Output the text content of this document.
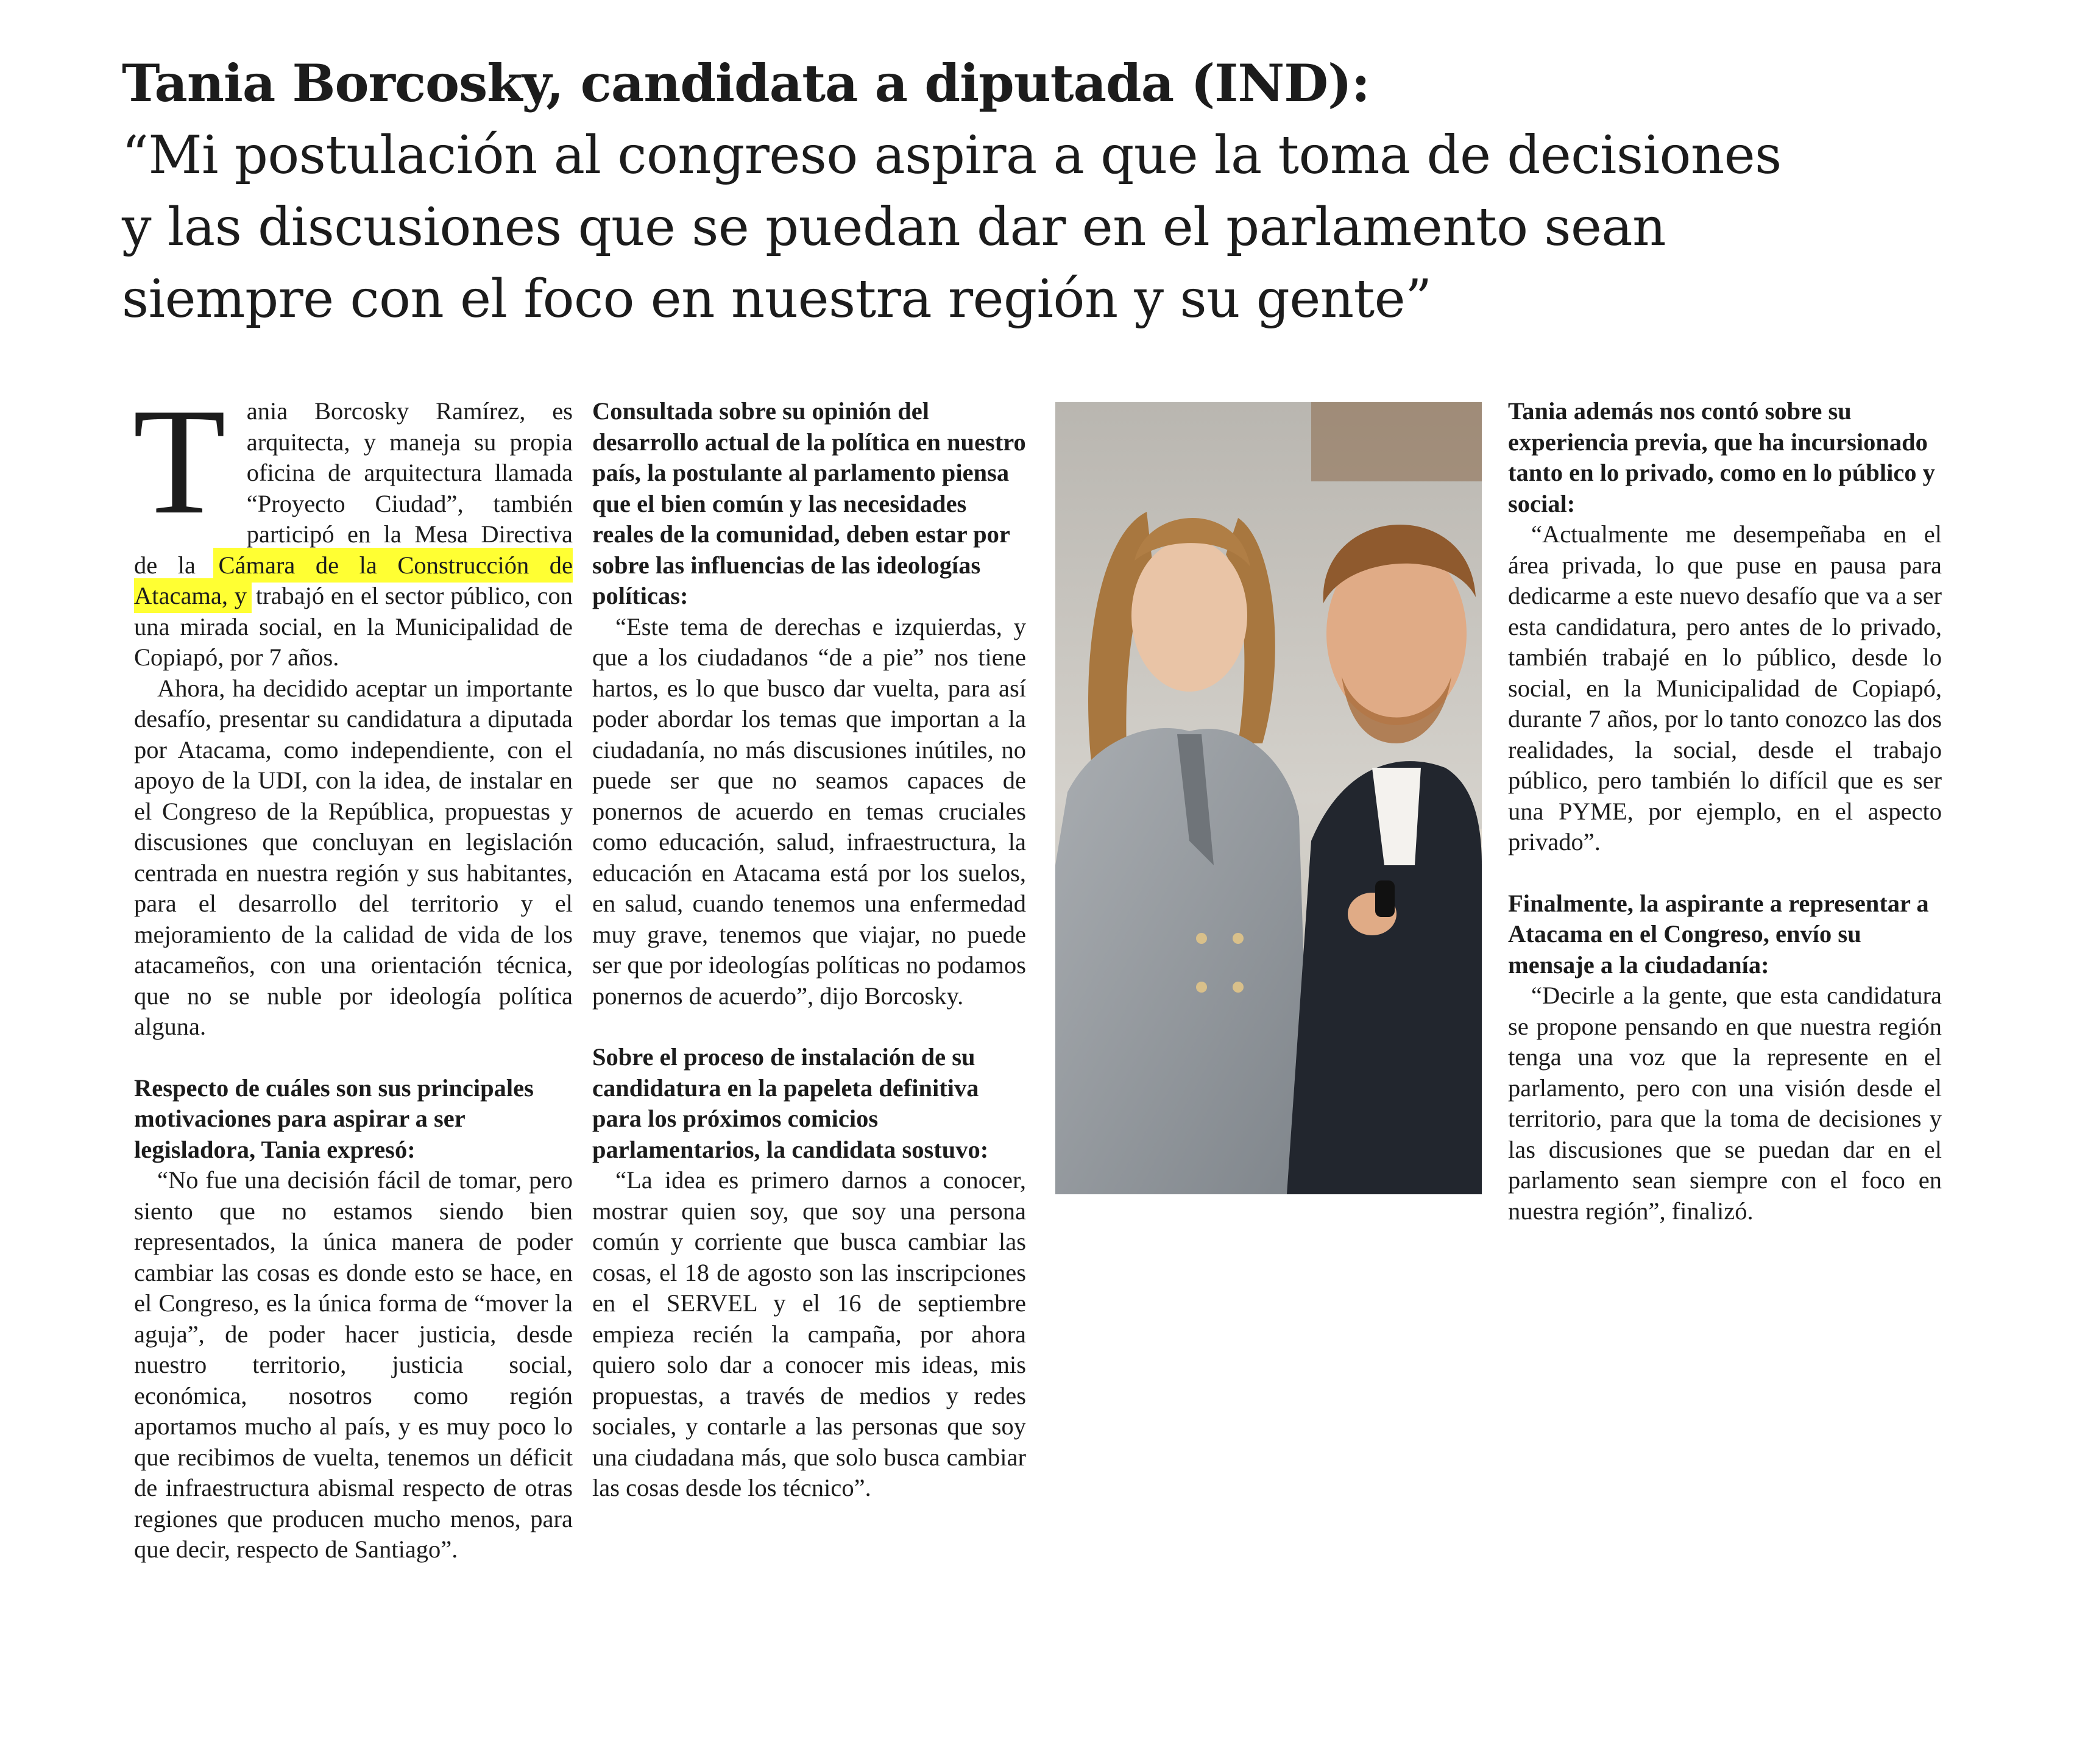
Tania Borcosky, candidata a diputada (IND):
“Mi postulación al congreso aspira a que la toma de decisiones
y las discusiones que se puedan dar en el parlamento sean
siempre con el foco en nuestra región y su gente”

Tania Borcosky Ramírez, es arquitecta, y maneja su propia oficina de arquitectura llamada “Proyecto Ciudad”, también participó en la Mesa Directiva de la Cámara de la Construcción de Atacama, y trabajó en el sector público, con una mirada social, en la Municipalidad de Copiapó, por 7 años.

Ahora, ha decidido aceptar un importante desafío, presentar su candidatura a diputada por Atacama, como independiente, con el apoyo de la UDI, con la idea, de instalar en el Congreso de la República, propuestas y discusiones que concluyan en legislación centrada en nuestra región y sus habitantes, para el desarrollo del territorio y el mejoramiento de la calidad de vida de los atacameños, con una orientación técnica, que no se nuble por ideología política alguna.

Respecto de cuáles son sus principales motivaciones para aspirar a ser legisladora, Tania expresó:

“No fue una decisión fácil de tomar, pero siento que no estamos siendo bien representados, la única manera de poder cambiar las cosas es donde esto se hace, en el Congreso, es la única forma de “mover la aguja”, de poder hacer justicia, desde nuestro territorio, justicia social, económica, nosotros como región aportamos mucho al país, y es muy poco lo que recibimos de vuelta, tenemos un déficit de infraestructura abismal respecto de otras regiones que producen mucho menos, para que decir, respecto de Santiago”.

Consultada sobre su opinión del desarrollo actual de la política en nuestro país, la postulante al parlamento piensa que el bien común y las necesidades reales de la comunidad, deben estar por sobre las influencias de las ideologías políticas:

“Este tema de derechas e izquierdas, y que a los ciudadanos “de a pie” nos tiene hartos, es lo que busco dar vuelta, para así poder abordar los temas que importan a la ciudadanía, no más discusiones inútiles, no puede ser que no seamos capaces de ponernos de acuerdo en temas cruciales como educación, salud, infraestructura, la educación en Atacama está por los suelos, en salud, cuando tenemos una enfermedad muy grave, tenemos que viajar, no puede ser que por ideologías políticas no podamos ponernos de acuerdo”, dijo Borcosky.

Sobre el proceso de instalación de su candidatura en la papeleta definitiva para los próximos comicios parlamentarios, la candidata sostuvo:

“La idea es primero darnos a conocer, mostrar quien soy, que soy una persona común y corriente que busca cambiar las cosas, el 18 de agosto son las inscripciones en el SERVEL y el 16 de septiembre empieza recién la campaña, por ahora quiero solo dar a conocer mis ideas, mis propuestas, a través de medios y redes sociales, y contarle a las personas que soy una ciudadana más, que solo busca cambiar las cosas desde los técnico”.

Tania además nos contó sobre su experiencia previa, que ha incursionado tanto en lo privado, como en lo público y social:

“Actualmente me desempeñaba en el área privada, lo que puse en pausa para dedicarme a este nuevo desafío que va a ser esta candidatura, pero antes de lo privado, también trabajé en lo público, desde lo social, en la Municipalidad de Copiapó, durante 7 años, por lo tanto conozco las dos realidades, la social, desde el trabajo público, pero también lo difícil que es ser una PYME, por ejemplo, en el aspecto privado”.

Finalmente, la aspirante a representar a Atacama en el Congreso, envío su mensaje a la ciudadanía:

“Decirle a la gente, que esta candidatura se propone pensando en que nuestra región tenga una voz que la represente en el parlamento, pero con una visión desde el territorio, para que la toma de decisiones y las discusiones que se puedan dar en el parlamento sean siempre con el foco en nuestra región”, finalizó.
